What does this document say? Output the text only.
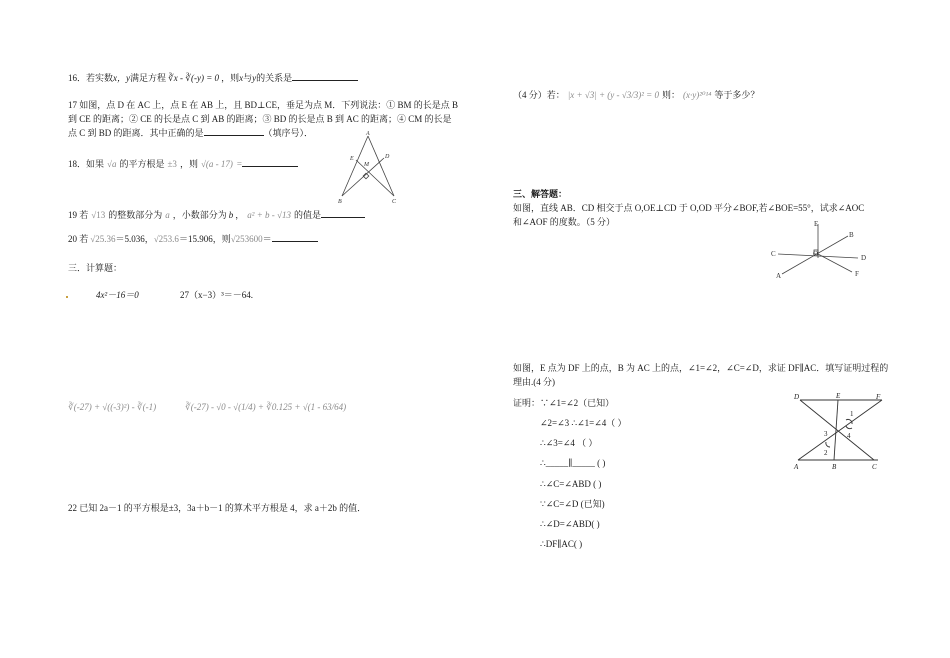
16．若实数x，y满足方程 ∛x - ∛(-y) = 0 ，则x与y的关系是
17 如图，点 D 在 AC 上，点 E 在 AB 上，且 BD⊥CE，垂足为点 M．下列说法：① BM 的长是点 B
到 CE 的距离；② CE 的长是点 C 到 AB 的距离；③ BD 的长是点 B 到 AC 的距离；④ CM 的长是
点 C 到 BD 的距离．其中正确的是	（填序号）．	A
E	D
M
B	C
18．如果 √a 的平方根是 ±3 ，则 √(a - 17) =
19 若 √13 的整数部分为 a ，小数部分为 b ， a² + b - √13 的值是
20 若 √25.36＝5.036，√253.6＝15.906，则√253600＝
三．计算题：
4x²－16＝0	27（x−3）³＝－64.
∛(-27) + √((-3)²) - ∛(-1)	∛(-27) - √0 - √(1/4) + ∛0.125 + √(1 - 63/64)
22 已知 2a－1 的平方根是±3，3a＋b－1 的算术平方根是 4，求 a＋2b 的值．
（4 分）若： |x + √3| + (y - √3/3)² = 0 则： (x·y)²⁰¹⁴ 等于多少？
三、解答题：
如图，直线 AB．CD 相交于点 O,OE⊥CD 于 O,OD 平分∠BOF,若∠BOE=55°，试求∠AOC
和∠AOF 的度数。（5 分）	E
B
C	O	D
A	F
如图，E 点为 DF 上的点，B 为 AC 上的点，∠1=∠2，∠C=∠D，求证 DF∥AC．填写证明过程的
理由.(4 分)
证明：∵∠1=∠2（已知）
∠2=∠3 ∴∠1=∠4（ ）
∴∠3=∠4 （ ）
∴_____∥_____ ( )
∴∠C=∠ABD ( )
∵∠C=∠D (已知)
∴∠D=∠ABD( )
∴DF∥AC( )
D	E	F
1
3	4
2
A	B	C
